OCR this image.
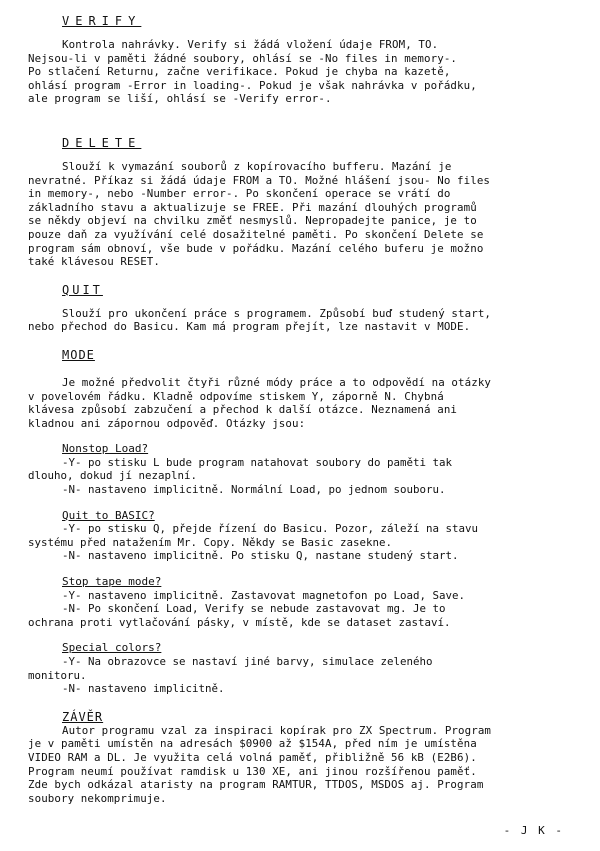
VERIFY

Kontrola nahrávky. Verify si žádá vložení údaje FROM, TO.
Nejsou-li v paměti žádné soubory, ohlásí se -No files in memory-.
Po stlačení Returnu, začne verifikace. Pokud je chyba na kazetě,
ohlásí program -Error in loading-. Pokud je však nahrávka v pořádku,
ale program se liší, ohlásí se -Verify error-.

DELETE

Slouží k vymazání souborů z kopírovacího bufferu. Mazání je
nevratné. Příkaz si žádá údaje FROM a TO. Možné hlášení jsou- No files
in memory-, nebo -Number error-. Po skončení operace se vrátí do
základního stavu a aktualizuje se FREE. Při mazání dlouhých programů
se někdy objeví na chvilku změť nesmyslů. Nepropadejte panice, je to
pouze daň za využívání celé dosažitelné paměti. Po skončení Delete se
program sám obnoví, vše bude v pořádku. Mazání celého buferu je možno
také klávesou RESET.

QUIT

Slouží pro ukončení práce s programem. Způsobí buď studený start,
nebo přechod do Basicu. Kam má program přejít, lze nastavit v MODE.

MODE

Je možné předvolit čtyři různé módy práce a to odpovědí na otázky
v povelovém řádku. Kladně odpovíme stiskem Y, záporně N. Chybná
klávesa způsobí zabzučení a přechod k další otázce. Neznamená ani
kladnou ani zápornou odpověď. Otázky jsou:

Nonstop Load?

-Y- po stisku L bude program natahovat soubory do paměti tak
dlouho, dokud jí nezaplní.
-N- nastaveno implicitně. Normální Load, po jednom souboru.

Quit to BASIC?

-Y- po stisku Q, přejde řízení do Basicu. Pozor, záleží na stavu
systému před natažením Mr. Copy. Někdy se Basic zasekne.
-N- nastaveno implicitně. Po stisku Q, nastane studený start.

Stop tape mode?

-Y- nastaveno implicitně. Zastavovat magnetofon po Load, Save.
-N- Po skončení Load, Verify se nebude zastavovat mg. Je to
ochrana proti vytlačování pásky, v místě, kde se dataset zastaví.

Special colors?

-Y- Na obrazovce se nastaví jiné barvy, simulace zeleného
monitoru.
-N- nastaveno implicitně.

ZÁVĚR

Autor programu vzal za inspiraci kopírak pro ZX Spectrum. Program
je v paměti umístěn na adresách $0900 až $154A, před ním je umístěna
VIDEO RAM a DL. Je využita celá volná paměť, přibližně 56 kB (E2B6).
Program neumí používat ramdisk u 130 XE, ani jinou rozšířenou paměť.
Zde bych odkázal ataristy na program RAMTUR, TTDOS, MSDOS aj. Program
soubory nekomprimuje.
- J K -
